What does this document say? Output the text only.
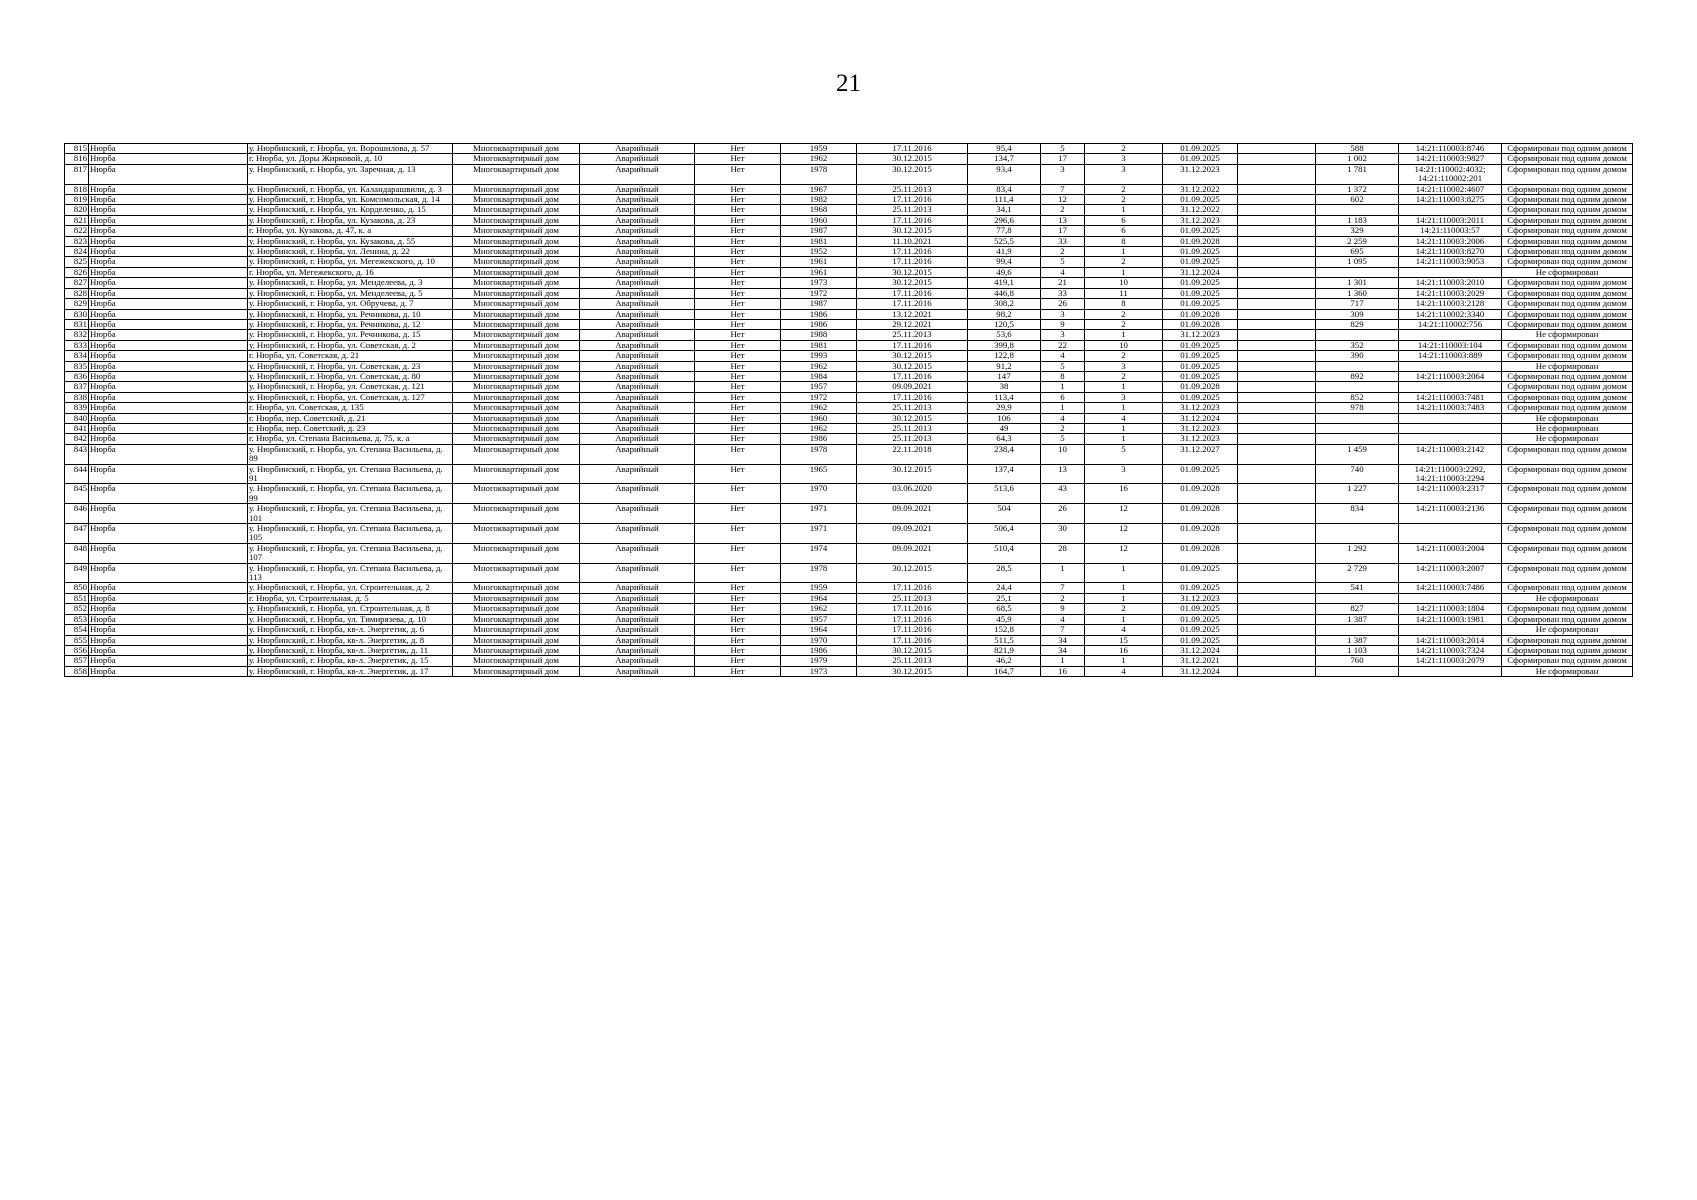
21
815	Нюрба	у. Нюрбинский, г. Нюрба, ул. Ворошилова, д. 57	Многоквартирный дом	Аварийный	Нет	1959	17.11.2016	95,4	5	2	01.09.2025		588	14:21:110003:8746	Сформирован под одним домом
816	Нюрба	г. Нюрба, ул. Доры Жирковой, д. 10	Многоквартирный дом	Аварийный	Нет	1962	30.12.2015	134,7	17	3	01.09.2025		1 002	14:21:110003:9827	Сформирован под одним домом
817	Нюрба	у. Нюрбинский, г. Нюрба, ул. Заречная, д. 13	Многоквартирный дом	Аварийный	Нет	1978	30.12.2015	93,4	3	3	31.12.2023		1 781	14:21:110002:4032; 14:21:110002:201	Сформирован под одним домом
818	Нюрба	у. Нюрбинский, г. Нюрба, ул. Каландарашвили, д. 3	Многоквартирный дом	Аварийный	Нет	1967	25.11.2013	83,4	7	2	31.12.2022		1 372	14:21:110002:4607	Сформирован под одним домом
819	Нюрба	у. Нюрбинский, г. Нюрба, ул. Комсомольская, д. 14	Многоквартирный дом	Аварийный	Нет	1982	17.11.2016	111,4	12	2	01.09.2025		602	14:21:110003:8275	Сформирован под одним домом
820	Нюрба	у. Нюрбинский, г. Нюрба, ул. Корделенко, д. 15	Многоквартирный дом	Аварийный	Нет	1968	25.11.2013	34,1	2	1	31.12.2022				Сформирован под одним домом
821	Нюрба	у. Нюрбинский, г. Нюрба, ул. Кузакова, д. 23	Многоквартирный дом	Аварийный	Нет	1960	17.11.2016	296,6	13	6	31.12.2023		1 183	14:21:110003:2011	Сформирован под одним домом
822	Нюрба	г. Нюрба, ул. Кузакова, д. 47, к. а	Многоквартирный дом	Аварийный	Нет	1987	30.12.2015	77,8	17	6	01.09.2025		329	14:21:110003:57	Сформирован под одним домом
823	Нюрба	у. Нюрбинский, г. Нюрба, ул. Кузакова, д. 55	Многоквартирный дом	Аварийный	Нет	1981	11.10.2021	525,5	33	8	01.09.2028		2 259	14:21:110003:2006	Сформирован под одним домом
824	Нюрба	у. Нюрбинский, г. Нюрба, ул. Ленина, д. 22	Многоквартирный дом	Аварийный	Нет	1952	17.11.2016	41,9	2	1	01.09.2025		695	14:21:110003:8270	Сформирован под одним домом
825	Нюрба	у. Нюрбинский, г. Нюрба, ул. Мегежекского, д. 10	Многоквартирный дом	Аварийный	Нет	1961	17.11.2016	99,4	5	2	01.09.2025		1 095	14:21:110003:9053	Сформирован под одним домом
826	Нюрба	г. Нюрба, ул. Мегежекского, д. 16	Многоквартирный дом	Аварийный	Нет	1961	30.12.2015	49,6	4	1	31.12.2024				Не сформирован
827	Нюрба	у. Нюрбинский, г. Нюрба, ул. Менделеева, д. 3	Многоквартирный дом	Аварийный	Нет	1973	30.12.2015	419,1	21	10	01.09.2025		1 301	14:21:110003:2010	Сформирован под одним домом
828	Нюрба	у. Нюрбинский, г. Нюрба, ул. Менделеева, д. 5	Многоквартирный дом	Аварийный	Нет	1972	17.11.2016	446,8	33	11	01.09.2025		1 360	14:21:110003:2029	Сформирован под одним домом
829	Нюрба	у. Нюрбинский, г. Нюрба, ул. Обручева, д. 7	Многоквартирный дом	Аварийный	Нет	1987	17.11.2016	308,2	26	8	01.09.2025		717	14:21:110003:2128	Сформирован под одним домом
830	Нюрба	у. Нюрбинский, г. Нюрба, ул. Речникова, д. 10	Многоквартирный дом	Аварийный	Нет	1986	13.12.2021	98,2	3	2	01.09.2028		309	14:21:110002:3340	Сформирован под одним домом
831	Нюрба	у. Нюрбинский, г. Нюрба, ул. Речникова, д. 12	Многоквартирный дом	Аварийный	Нет	1986	29.12.2021	120,5	9	2	01.09.2028		829	14:21:110002:756	Сформирован под одним домом
832	Нюрба	у. Нюрбинский, г. Нюрба, ул. Речникова, д. 15	Многоквартирный дом	Аварийный	Нет	1988	25.11.2013	53,6	3	1	31.12.2023				Не сформирован
833	Нюрба	у. Нюрбинский, г. Нюрба, ул. Советская, д. 2	Многоквартирный дом	Аварийный	Нет	1981	17.11.2016	399,8	22	10	01.09.2025		352	14:21:110003:104	Сформирован под одним домом
834	Нюрба	г. Нюрба, ул. Советская, д. 21	Многоквартирный дом	Аварийный	Нет	1993	30.12.2015	122,8	4	2	01.09.2025		390	14:21:110003:889	Сформирован под одним домом
835	Нюрба	у. Нюрбинский, г. Нюрба, ул. Советская, д. 23	Многоквартирный дом	Аварийный	Нет	1962	30.12.2015	91,2	5	3	01.09.2025				Не сформирован
836	Нюрба	у. Нюрбинский, г. Нюрба, ул. Советская, д. 80	Многоквартирный дом	Аварийный	Нет	1984	17.11.2016	147	8	2	01.09.2025		892	14:21:110003:2064	Сформирован под одним домом
837	Нюрба	у. Нюрбинский, г. Нюрба, ул. Советская, д. 121	Многоквартирный дом	Аварийный	Нет	1957	09.09.2021	38	1	1	01.09.2028				Сформирован под одним домом
838	Нюрба	у. Нюрбинский, г. Нюрба, ул. Советская, д. 127	Многоквартирный дом	Аварийный	Нет	1972	17.11.2016	113,4	6	3	01.09.2025		852	14:21:110003:7481	Сформирован под одним домом
839	Нюрба	г. Нюрба, ул. Советская, д. 135	Многоквартирный дом	Аварийный	Нет	1962	25.11.2013	29,9	1	1	31.12.2023		978	14:21:110003:7483	Сформирован под одним домом
840	Нюрба	г. Нюрба, пер. Советский, д. 21	Многоквартирный дом	Аварийный	Нет	1960	30.12.2015	106	4	4	31.12.2024				Не сформирован
841	Нюрба	г. Нюрба, пер. Советский, д. 23	Многоквартирный дом	Аварийный	Нет	1962	25.11.2013	49	2	1	31.12.2023				Не сформирован
842	Нюрба	г. Нюрба, ул. Степана Васильева, д. 75, к. а	Многоквартирный дом	Аварийный	Нет	1986	25.11.2013	64,3	5	1	31.12.2023				Не сформирован
843	Нюрба	у. Нюрбинский, г. Нюрба, ул. Степана Васильева, д. 89	Многоквартирный дом	Аварийный	Нет	1978	22.11.2018	238,4	10	5	31.12.2027		1 459	14:21:110003:2142	Сформирован под одним домом
844	Нюрба	у. Нюрбинский, г. Нюрба, ул. Степана Васильева, д. 91	Многоквартирный дом	Аварийный	Нет	1965	30.12.2015	137,4	13	3	01.09.2025		740	14:21:110003:2292, 14:21:110003:2294	Сформирован под одним домом
845	Нюрба	у. Нюрбинский, г. Нюрба, ул. Степана Васильева, д. 99	Многоквартирный дом	Аварийный	Нет	1970	03.06.2020	513,6	43	16	01.09.2028		1 227	14:21:110003:2317	Сформирован под одним домом
846	Нюрба	у. Нюрбинский, г. Нюрба, ул. Степана Васильева, д. 101	Многоквартирный дом	Аварийный	Нет	1971	09.09.2021	504	26	12	01.09.2028		834	14:21:110003:2136	Сформирован под одним домом
847	Нюрба	у. Нюрбинский, г. Нюрба, ул. Степана Васильева, д. 105	Многоквартирный дом	Аварийный	Нет	1971	09.09.2021	506,4	30	12	01.09.2028				Сформирован под одним домом
848	Нюрба	у. Нюрбинский, г. Нюрба, ул. Степана Васильева, д. 107	Многоквартирный дом	Аварийный	Нет	1974	09.09.2021	510,4	28	12	01.09.2028		1 292	14:21:110003:2004	Сформирован под одним домом
849	Нюрба	у. Нюрбинский, г. Нюрба, ул. Степана Васильева, д. 113	Многоквартирный дом	Аварийный	Нет	1978	30.12.2015	28,5	1	1	01.09.2025		2 729	14:21:110003:2007	Сформирован под одним домом
850	Нюрба	у. Нюрбинский, г. Нюрба, ул. Строительная, д. 2	Многоквартирный дом	Аварийный	Нет	1959	17.11.2016	24,4	7	1	01.09.2025		541	14:21:110003:7486	Сформирован под одним домом
851	Нюрба	г. Нюрба, ул. Строительная, д. 5	Многоквартирный дом	Аварийный	Нет	1964	25.11.2013	25,1	2	1	31.12.2023				Не сформирован
852	Нюрба	у. Нюрбинский, г. Нюрба, ул. Строительная, д. 8	Многоквартирный дом	Аварийный	Нет	1962	17.11.2016	68,5	9	2	01.09.2025		827	14:21:110003:1804	Сформирован под одним домом
853	Нюрба	у. Нюрбинский, г. Нюрба, ул. Тимирязева, д. 10	Многоквартирный дом	Аварийный	Нет	1957	17.11.2016	45,9	4	1	01.09.2025		1 387	14:21:110003:1981	Сформирован под одним домом
854	Нюрба	у. Нюрбинский, г. Нюрба, кв-л. Энергетик, д. 6	Многоквартирный дом	Аварийный	Нет	1964	17.11.2016	152,8	7	4	01.09.2025				Не сформирован
855	Нюрба	у. Нюрбинский, г. Нюрба, кв-л. Энергетик, д. 8	Многоквартирный дом	Аварийный	Нет	1970	17.11.2016	511,5	34	15	01.09.2025		1 387	14:21:110003:2014	Сформирован под одним домом
856	Нюрба	у. Нюрбинский, г. Нюрба, кв-л. Энергетик, д. 11	Многоквартирный дом	Аварийный	Нет	1986	30.12.2015	821,9	34	16	31.12.2024		1 103	14:21:110003:7324	Сформирован под одним домом
857	Нюрба	у. Нюрбинский, г. Нюрба, кв-л. Энергетик, д. 15	Многоквартирный дом	Аварийный	Нет	1979	25.11.2013	46,2	1	1	31.12.2021		760	14:21:110003:2079	Сформирован под одним домом
858	Нюрба	у. Нюрбинский, г. Нюрба, кв-л. Энергетик, д. 17	Многоквартирный дом	Аварийный	Нет	1973	30.12.2015	164,7	16	4	31.12.2024				Не сформирован
